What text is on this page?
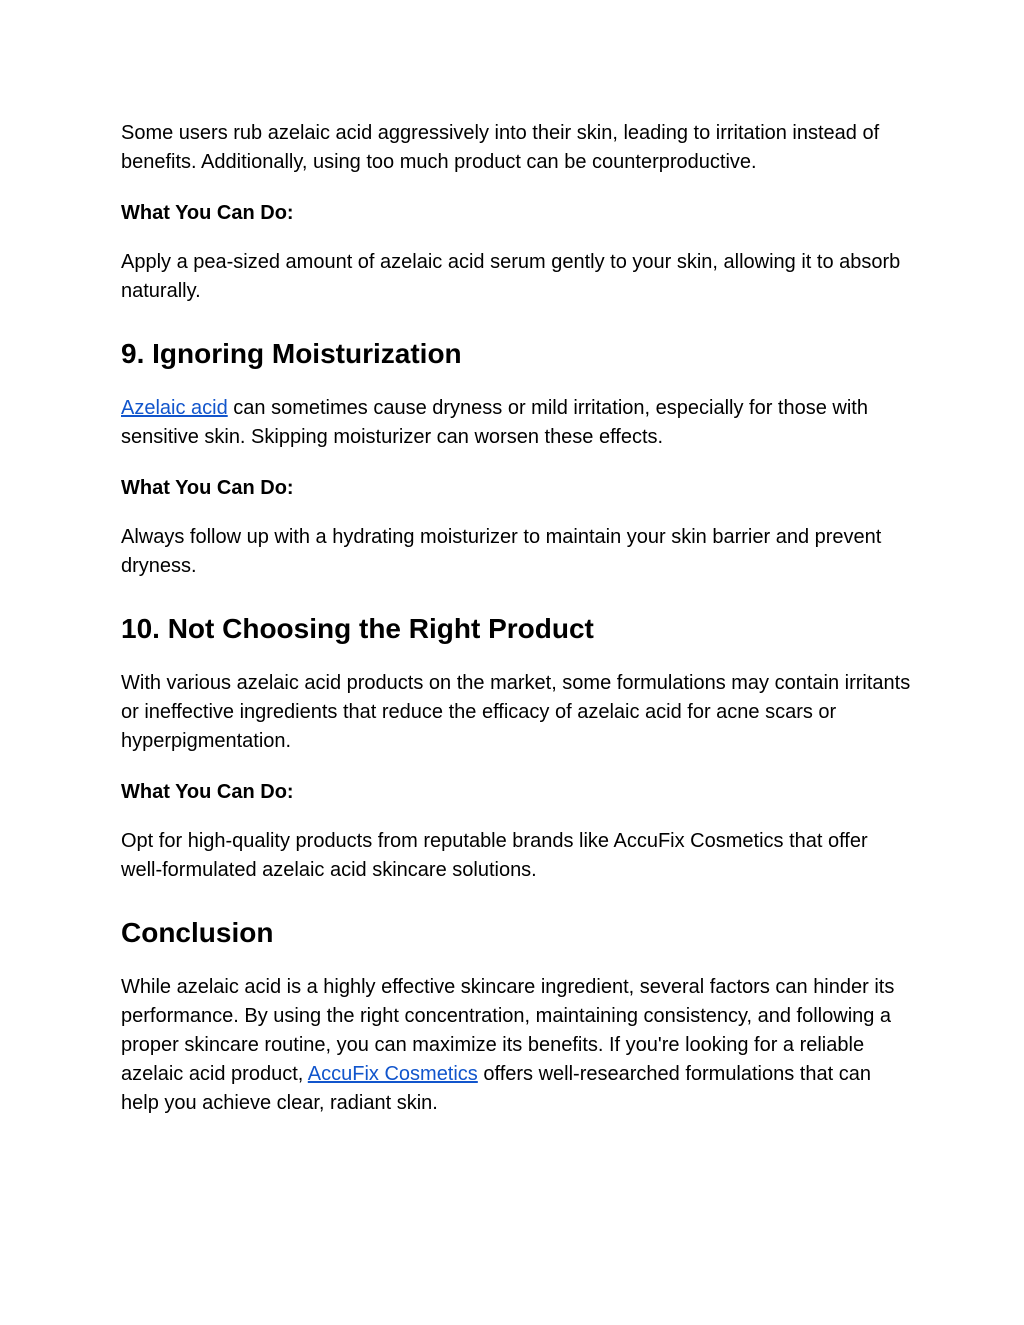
Some users rub azelaic acid aggressively into their skin, leading to irritation instead of benefits. Additionally, using too much product can be counterproductive.

What You Can Do:

Apply a pea-sized amount of azelaic acid serum gently to your skin, allowing it to absorb naturally.

9. Ignoring Moisturization

Azelaic acid can sometimes cause dryness or mild irritation, especially for those with sensitive skin. Skipping moisturizer can worsen these effects.

What You Can Do:

Always follow up with a hydrating moisturizer to maintain your skin barrier and prevent dryness.

10. Not Choosing the Right Product

With various azelaic acid products on the market, some formulations may contain irritants or ineffective ingredients that reduce the efficacy of azelaic acid for acne scars or hyperpigmentation.

What You Can Do:

Opt for high-quality products from reputable brands like AccuFix Cosmetics that offer well-formulated azelaic acid skincare solutions.

Conclusion

While azelaic acid is a highly effective skincare ingredient, several factors can hinder its performance. By using the right concentration, maintaining consistency, and following a proper skincare routine, you can maximize its benefits. If you're looking for a reliable azelaic acid product, AccuFix Cosmetics offers well-researched formulations that can help you achieve clear, radiant skin.
